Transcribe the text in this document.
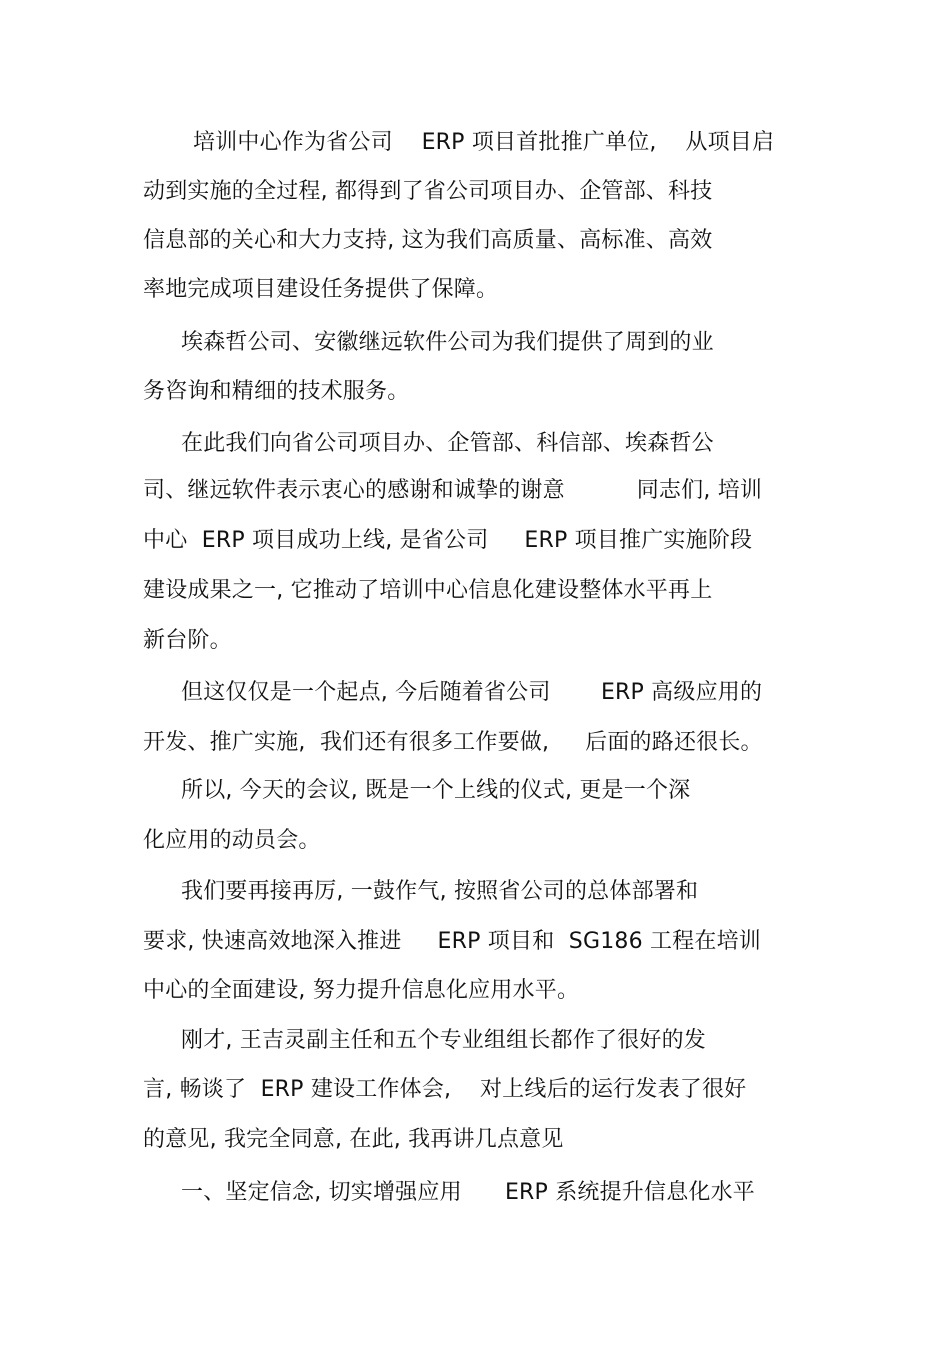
培训中心作为省公司    ERP 项目首批推广单位,    从项目启
动到实施的全过程, 都得到了省公司项目办、企管部、科技
信息部的关心和大力支持, 这为我们高质量、高标准、高效
率地完成项目建设任务提供了保障。
埃森哲公司、安徽继远软件公司为我们提供了周到的业
务咨询和精细的技术服务。
在此我们向省公司项目办、企管部、科信部、埃森哲公
司、继远软件表示衷心的感谢和诚挚的谢意          同志们, 培训
中心  ERP 项目成功上线, 是省公司     ERP 项目推广实施阶段
建设成果之一, 它推动了培训中心信息化建设整体水平再上
新台阶。
但这仅仅是一个起点, 今后随着省公司       ERP 高级应用的
开发、推广实施,  我们还有很多工作要做,     后面的路还很长。
所以, 今天的会议, 既是一个上线的仪式, 更是一个深
化应用的动员会。
我们要再接再厉, 一鼓作气, 按照省公司的总体部署和
要求, 快速高效地深入推进     ERP 项目和  SG186 工程在培训
中心的全面建设, 努力提升信息化应用水平。
刚才, 王吉灵副主任和五个专业组组长都作了很好的发
言, 畅谈了  ERP 建设工作体会,    对上线后的运行发表了很好
的意见, 我完全同意, 在此, 我再讲几点意见
一、坚定信念, 切实增强应用      ERP 系统提升信息化水平
